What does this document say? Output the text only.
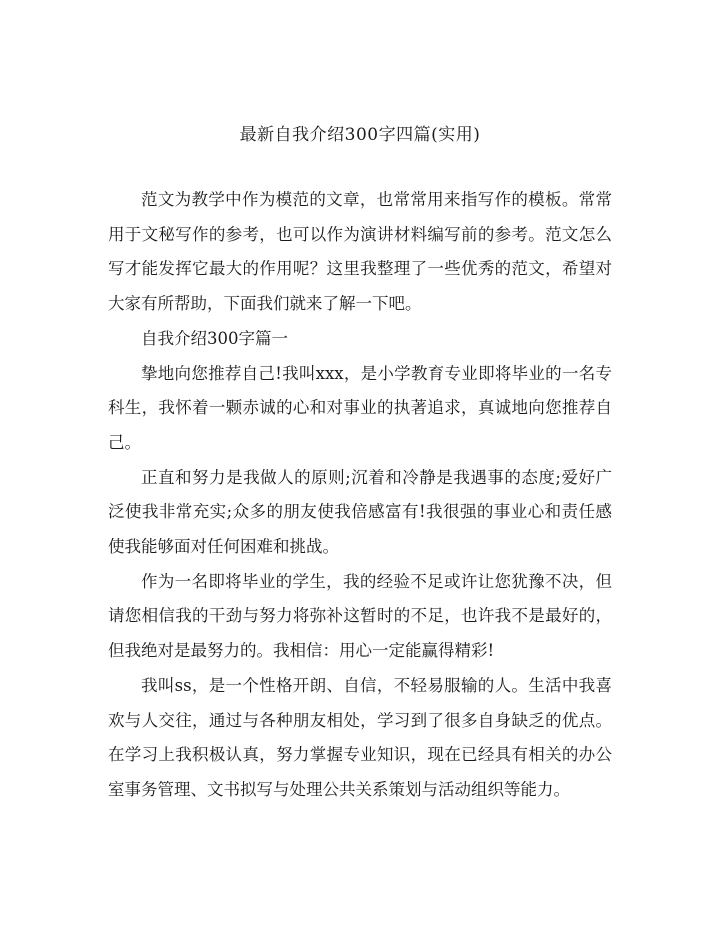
最新自我介绍300字四篇(实用)

范文为教学中作为模范的文章，也常常用来指写作的模板。常常用于文秘写作的参考，也可以作为演讲材料编写前的参考。范文怎么写才能发挥它最大的作用呢？这里我整理了一些优秀的范文，希望对大家有所帮助，下面我们就来了解一下吧。

自我介绍300字篇一

挚地向您推荐自己!我叫xxx，是小学教育专业即将毕业的一名专科生，我怀着一颗赤诚的心和对事业的执著追求，真诚地向您推荐自己。

正直和努力是我做人的原则;沉着和冷静是我遇事的态度;爱好广泛使我非常充实;众多的朋友使我倍感富有!我很强的事业心和责任感使我能够面对任何困难和挑战。

作为一名即将毕业的学生，我的经验不足或许让您犹豫不决，但请您相信我的干劲与努力将弥补这暂时的不足，也许我不是最好的，但我绝对是最努力的。我相信：用心一定能赢得精彩!

我叫ss，是一个性格开朗、自信，不轻易服输的人。生活中我喜欢与人交往，通过与各种朋友相处，学习到了很多自身缺乏的优点。在学习上我积极认真，努力掌握专业知识，现在已经具有相关的办公室事务管理、文书拟写与处理公共关系策划与活动组织等能力。
